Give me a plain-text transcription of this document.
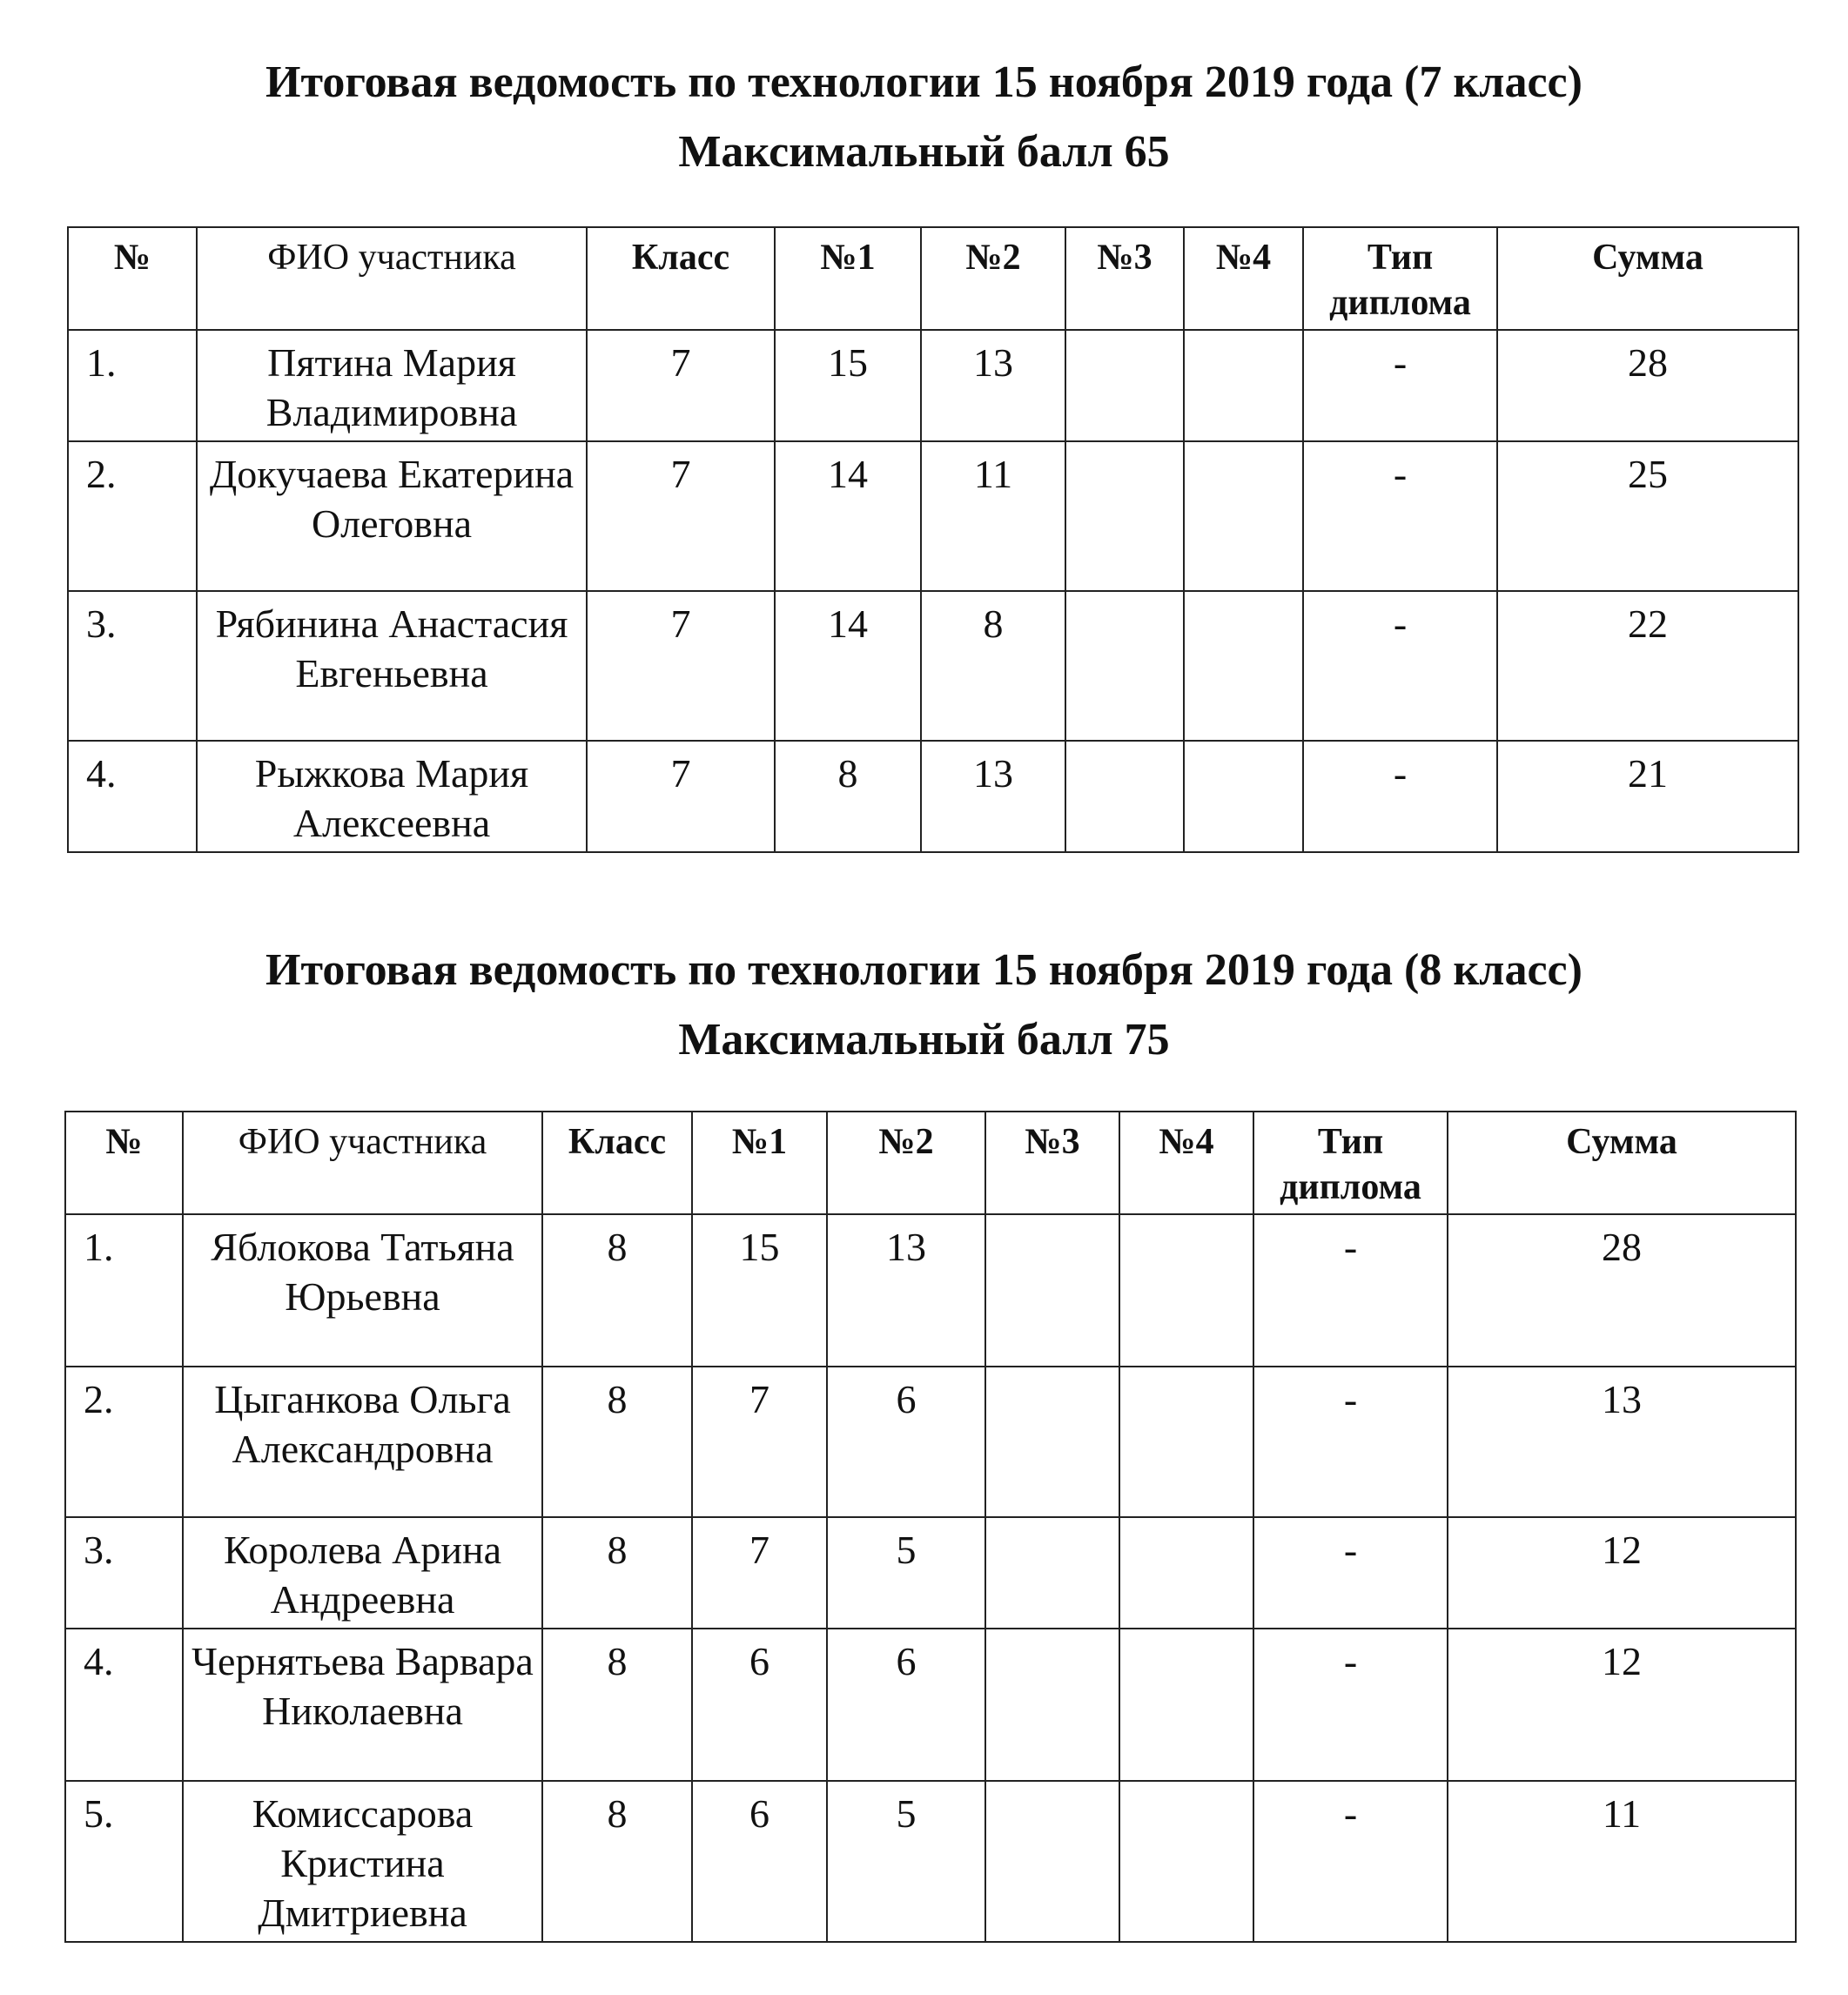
Итоговая ведомость по технологии 15 ноября 2019 года (7 класс)
Максимальный балл 65
№	ФИО участника	Класс	№1	№2	№3	№4	Тип диплома	Сумма
1.	Пятина Мария Владимировна	7	15	13			-	28
2.	Докучаева Екатерина Олеговна	7	14	11			-	25
3.	Рябинина Анастасия Евгеньевна	7	14	8			-	22
4.	Рыжкова Мария Алексеевна	7	8	13			-	21
Итоговая ведомость по технологии 15 ноября 2019 года (8 класс)
Максимальный балл 75
№	ФИО участника	Класс	№1	№2	№3	№4	Тип диплома	Сумма
1.	Яблокова Татьяна Юрьевна	8	15	13			-	28
2.	Цыганкова Ольга Александровна	8	7	6			-	13
3.	Королева Арина Андреевна	8	7	5			-	12
4.	Чернятьева Варвара Николаевна	8	6	6			-	12
5.	Комиссарова Кристина Дмитриевна	8	6	5			-	11
